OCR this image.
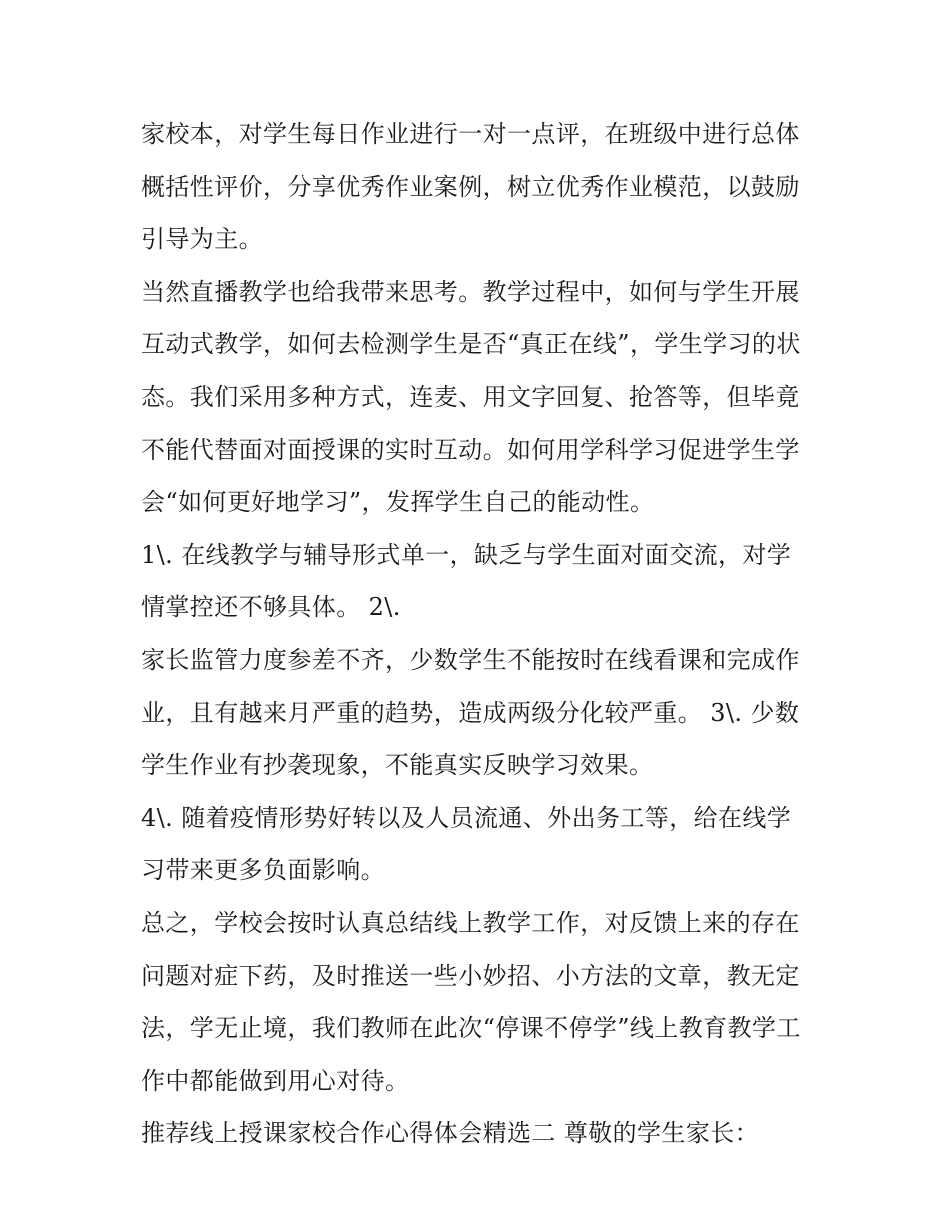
家校本，对学生每日作业进行一对一点评，在班级中进行总体
概括性评价，分享优秀作业案例，树立优秀作业模范，以鼓励
引导为主。
当然直播教学也给我带来思考。教学过程中，如何与学生开展
互动式教学，如何去检测学生是否“真正在线”，学生学习的状
态。我们采用多种方式，连麦、用文字回复、抢答等，但毕竟
不能代替面对面授课的实时互动。如何用学科学习促进学生学
会“如何更好地学习”，发挥学生自己的能动性。
1\. 在线教学与辅导形式单一，缺乏与学生面对面交流，对学
情掌控还不够具体。 2\.
家长监管力度参差不齐，少数学生不能按时在线看课和完成作
业，且有越来月严重的趋势，造成两级分化较严重。 3\. 少数
学生作业有抄袭现象，不能真实反映学习效果。
4\. 随着疫情形势好转以及人员流通、外出务工等，给在线学
习带来更多负面影响。
总之，学校会按时认真总结线上教学工作，对反馈上来的存在
问题对症下药，及时推送一些小妙招、小方法的文章，教无定
法，学无止境，我们教师在此次“停课不停学”线上教育教学工
作中都能做到用心对待。
推荐线上授课家校合作心得体会精选二 尊敬的学生家长：
